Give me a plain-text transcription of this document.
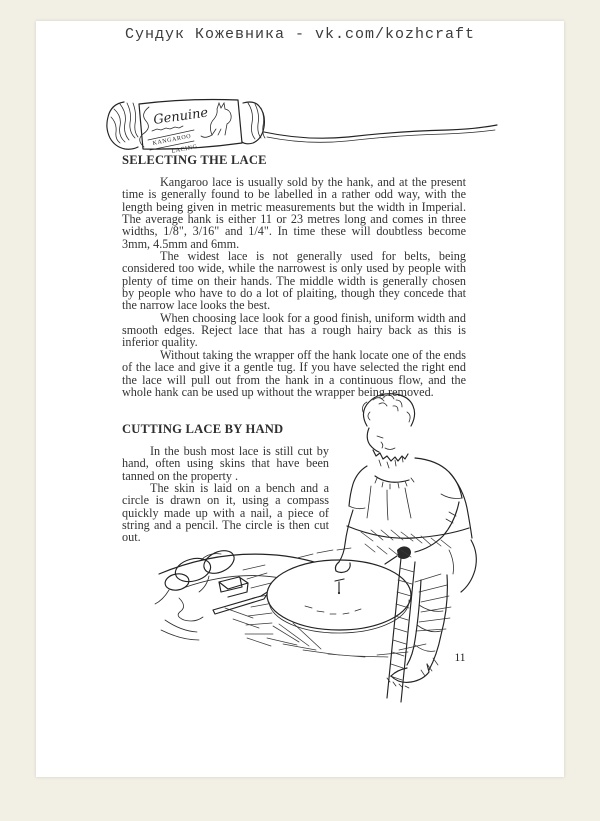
Сундук Кожевника - vk.com/kozhcraft
Genuine
KANGAROO
LACING
SELECTING THE LACE

Kangaroo lace is usually sold by the hank, and at the present time is generally found to be labelled in a rather odd way, with the length being given in metric measurements but the width in Imperial. The average hank is either 11 or 23 metres long and comes in three widths, 1/8", 3/16" and 1/4". In time these will doubtless become 3mm, 4.5mm and 6mm.

The widest lace is not generally used for belts, being considered too wide, while the narrowest is only used by people with plenty of time on their hands. The middle width is generally chosen by people who have to do a lot of plaiting, though they concede that the narrow lace looks the best.

When choosing lace look for a good finish, uniform width and smooth edges. Reject lace that has a rough hairy back as this is inferior quality.

Without taking the wrapper off the hank locate one of the ends of the lace and give it a gentle tug. If you have selected the right end the lace will pull out from the hank in a continuous flow, and the whole hank can be used up without the wrapper being removed.

CUTTING LACE BY HAND

In the bush most lace is still cut by hand, often using skins that have been tanned on the property .

The skin is laid on a bench and a circle is drawn on it, using a compass quickly made up with a nail, a piece of string and a pencil. The circle is then cut out.

11
